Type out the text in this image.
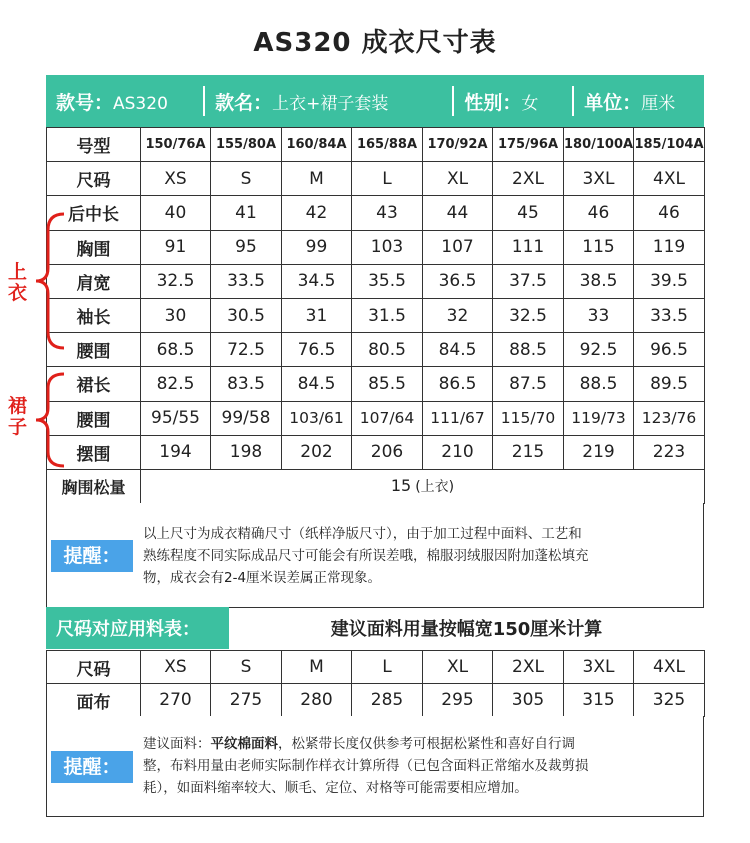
AS320 成衣尺寸表
款号：AS320	款名：上衣+裙子套装	性别：女	单位：厘米
号型	150/76A	155/80A	160/84A	165/88A	170/92A	175/96A	180/100A	185/104A
尺码	XS	S	M	L	XL	2XL	3XL	4XL
后中长	40	41	42	43	44	45	46	46
胸围	91	95	99	103	107	111	115	119
肩宽	32.5	33.5	34.5	35.5	36.5	37.5	38.5	39.5
袖长	30	30.5	31	31.5	32	32.5	33	33.5
腰围	68.5	72.5	76.5	80.5	84.5	88.5	92.5	96.5
裙长	82.5	83.5	84.5	85.5	86.5	87.5	88.5	89.5
腰围	95/55	99/58	103/61	107/64	111/67	115/70	119/73	123/76
摆围	194	198	202	206	210	215	219	223
胸围松量	15 (上衣)							
上衣
裙子
提醒：
以上尺寸为成衣精确尺寸（纸样净版尺寸），由于加工过程中面料、工艺和
熟练程度不同实际成品尺寸可能会有所误差哦，棉服羽绒服因附加蓬松填充
物，成衣会有2-4厘米误差属正常现象。
尺码对应用料表：	建议面料用量按幅宽150厘米计算
尺码	XS	S	M	L	XL	2XL	3XL	4XL
面布	270	275	280	285	295	305	315	325
提醒：
建议面料：平纹棉面料，松紧带长度仅供参考可根据松紧性和喜好自行调
整，布料用量由老师实际制作样衣计算所得（已包含面料正常缩水及裁剪损
耗），如面料缩率较大、顺毛、定位、对格等可能需要相应增加。
